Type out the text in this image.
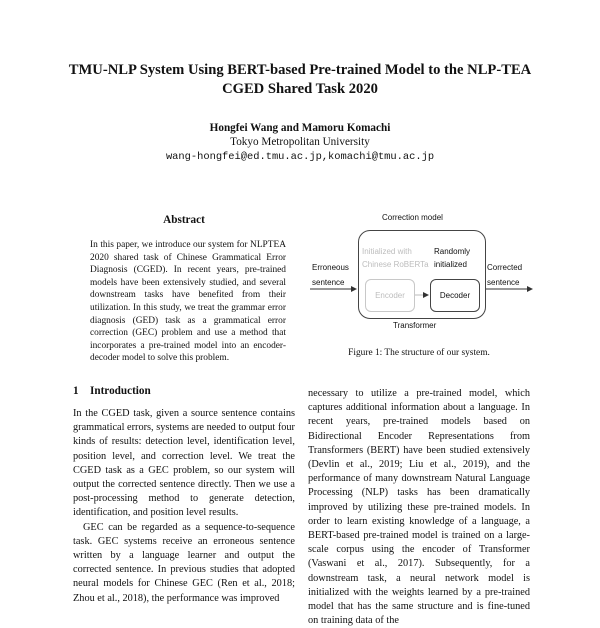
TMU-NLP System Using BERT-based Pre-trained Model to the NLP-TEA
CGED Shared Task 2020
Hongfei Wang and Mamoru Komachi
Tokyo Metropolitan University
wang-hongfei@ed.tmu.ac.jp,komachi@tmu.ac.jp
Abstract
In this paper, we introduce our system for NLPTEA 2020 shared task of Chinese Grammatical Error Diagnosis (CGED). In recent years, pre-trained models have been extensively studied, and several downstream tasks have benefited from their utilization. In this study, we treat the grammar error diagnosis (GED) task as a grammatical error correction (GEC) problem and use a method that incorporates a pre-trained model into an encoder-decoder model to solve this problem.
1 Introduction

In the CGED task, given a source sentence contains grammatical errors, systems are needed to output four kinds of results: detection level, identification level, position level, and correction level. We treat the CGED task as a GEC problem, so our system will output the corrected sentence directly. Then we use a post-processing method to generate detection, identification, and position level results.

GEC can be regarded as a sequence-to-sequence task. GEC systems receive an erroneous sentence written by a language learner and output the corrected sentence. In previous studies that adopted neural models for Chinese GEC (Ren et al., 2018; Zhou et al., 2018), the performance was improved

necessary to utilize a pre-trained model, which captures additional information about a language. In recent years, pre-trained models based on Bidirectional Encoder Representations from Transformers (BERT) have been studied extensively (Devlin et al., 2019; Liu et al., 2019), and the performance of many downstream Natural Language Processing (NLP) tasks has been dramatically improved by utilizing these pre-trained models. In order to learn existing knowledge of a language, a BERT-based pre-trained model is trained on a large-scale corpus using the encoder of Transformer (Vaswani et al., 2017). Subsequently, for a downstream task, a neural network model is initialized with the weights learned by a pre-trained model that has the same structure and is fine-tuned on training data of the

Correction model
Initialized with
Chinese RoBERTa
Randomly
initialized
Encoder	Decoder
Transformer
Erroneous
sentence
Corrected
sentence
Figure 1: The structure of our system.
